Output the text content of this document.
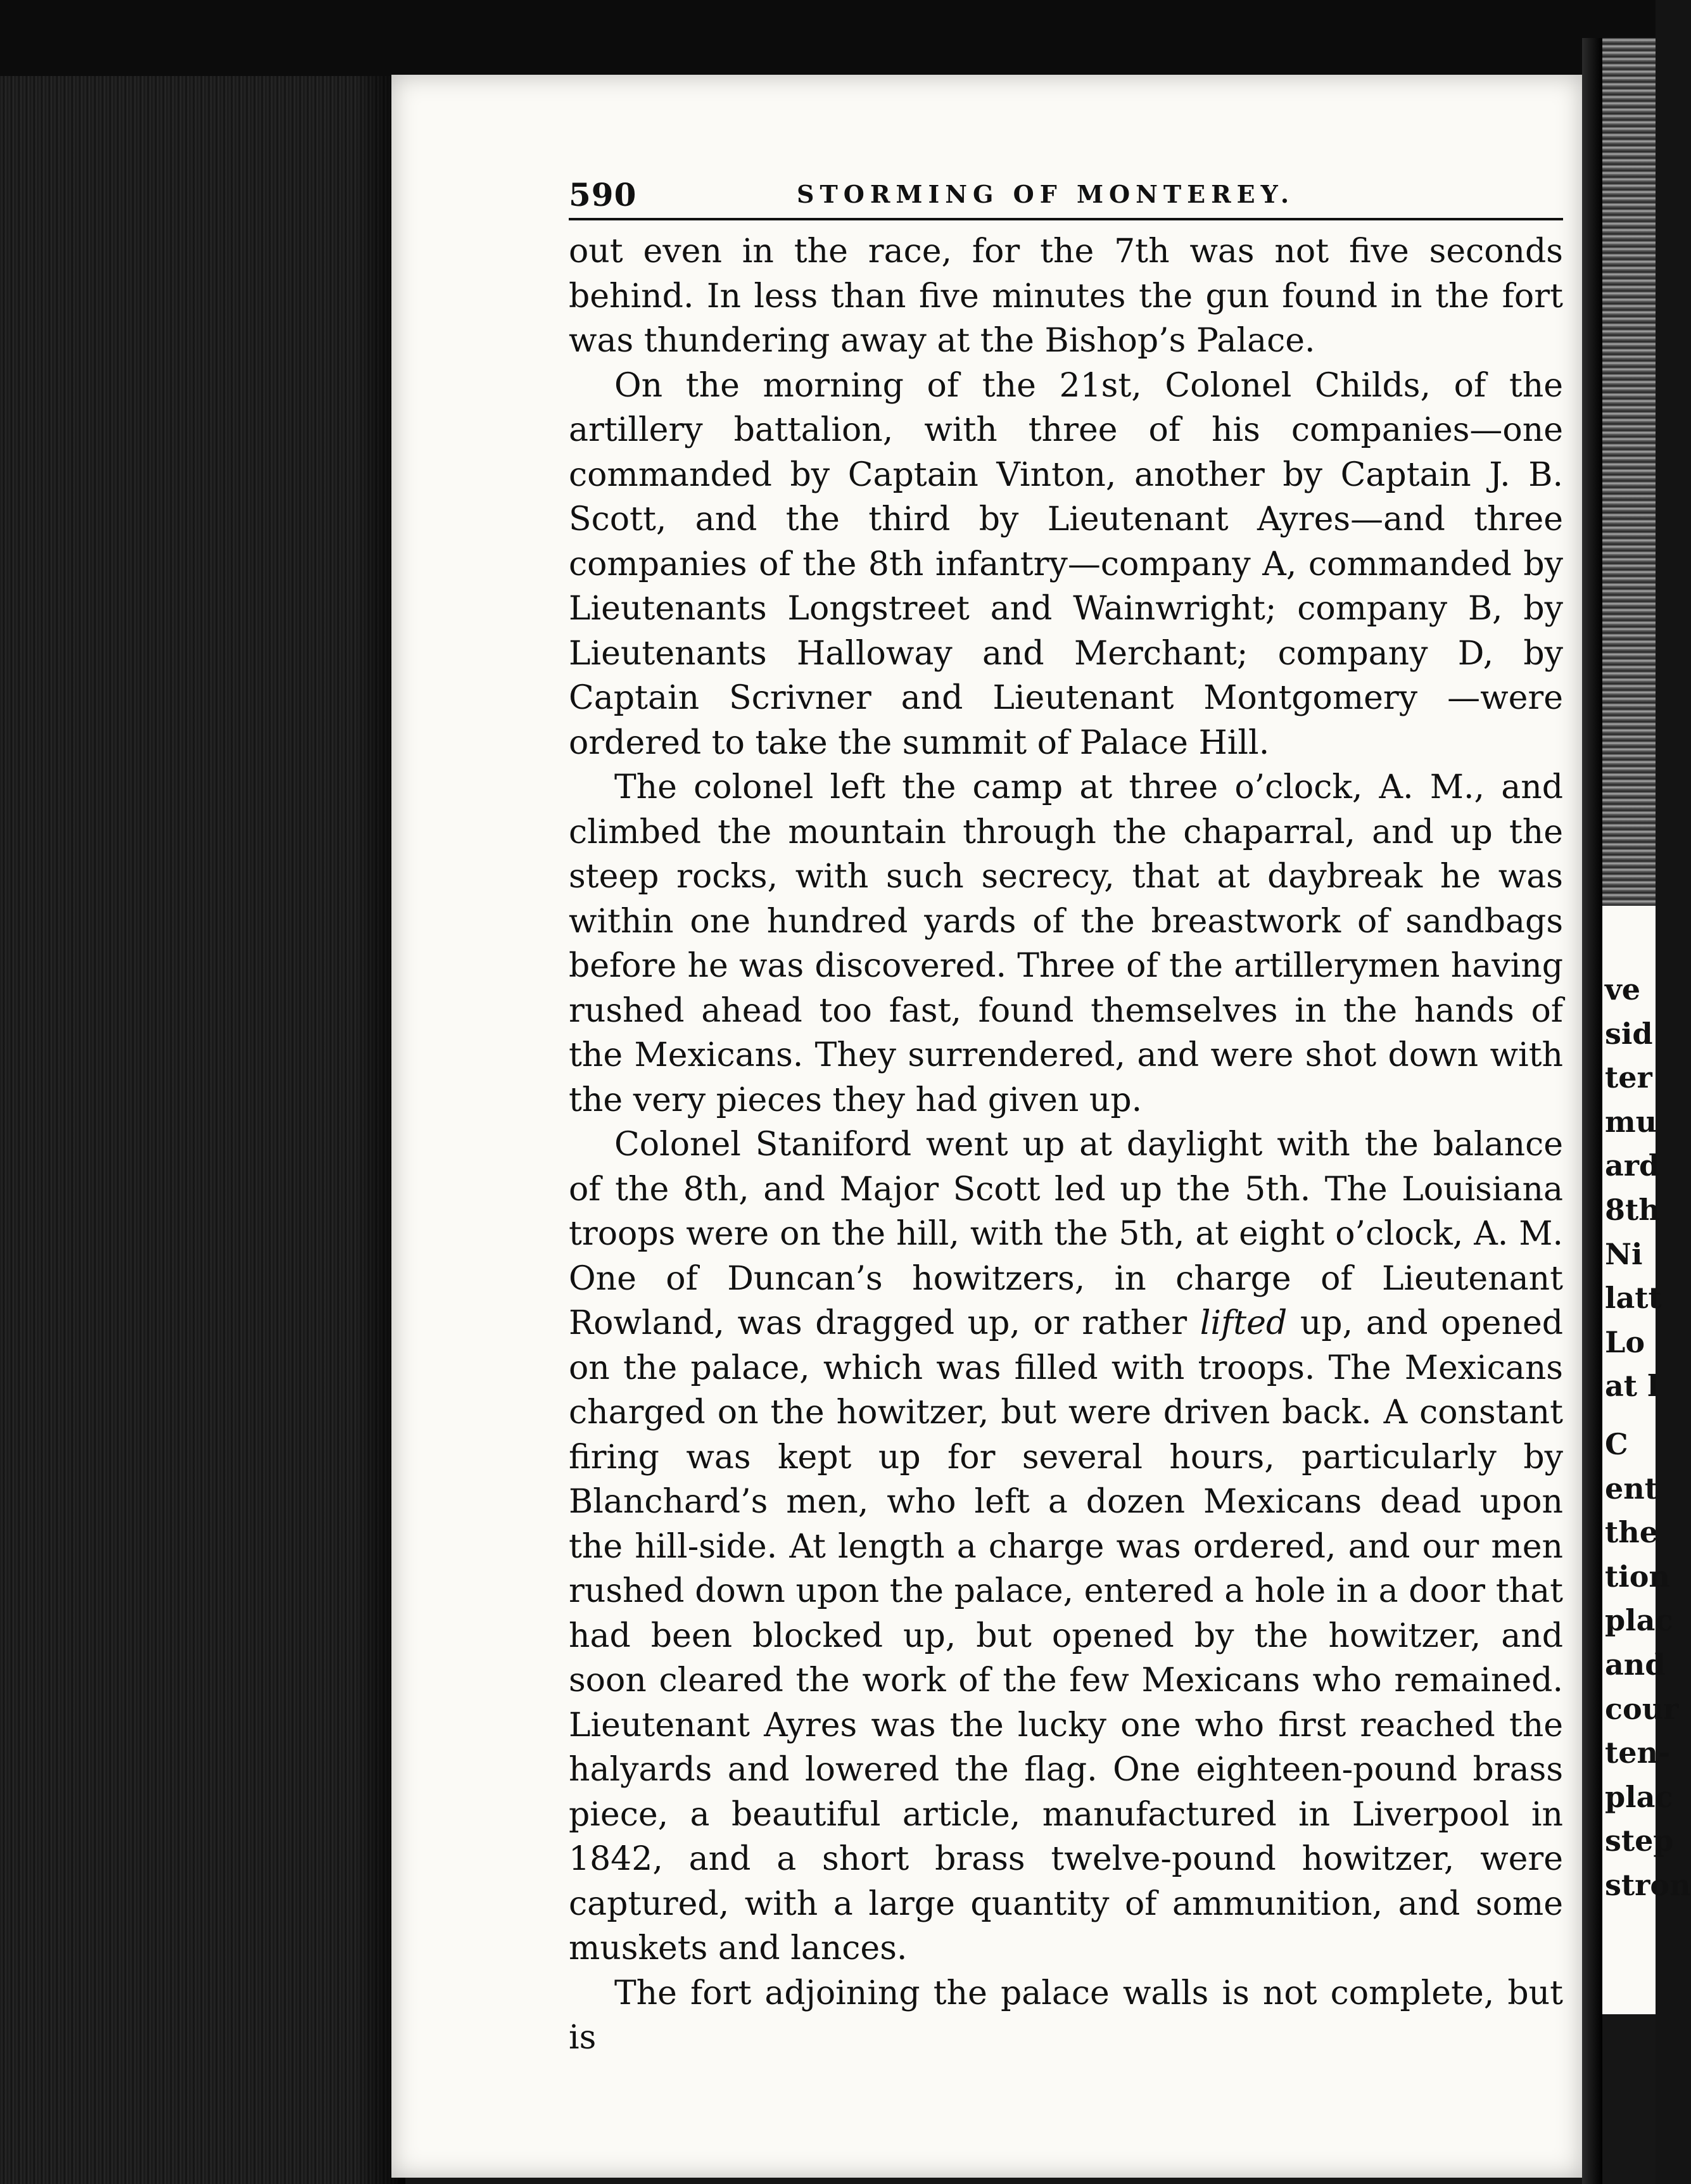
590	STORMING OF MONTEREY.

out even in the race, for the 7th was not five seconds behind. In less than five minutes the gun found in the fort was thundering away at the Bishop’s Palace.

On the morning of the 21st, Colonel Childs, of the artillery battalion, with three of his companies—one commanded by Captain Vinton, another by Captain J. B. Scott, and the third by Lieutenant Ayres—and three companies of the 8th infantry—company A, commanded by Lieutenants Longstreet and Wainwright; company B, by Lieutenants Halloway and Merchant; company D, by Captain Scrivner and Lieutenant Montgomery —were ordered to take the summit of Palace Hill.

The colonel left the camp at three o’clock, A. M., and climbed the mountain through the chaparral, and up the steep rocks, with such secrecy, that at daybreak he was within one hundred yards of the breastwork of sandbags before he was discovered. Three of the artillerymen having rushed ahead too fast, found themselves in the hands of the Mexicans. They surrendered, and were shot down with the very pieces they had given up.

Colonel Staniford went up at daylight with the balance of the 8th, and Major Scott led up the 5th. The Louisiana troops were on the hill, with the 5th, at eight o’clock, A. M. One of Duncan’s howitzers, in charge of Lieutenant Rowland, was dragged up, or rather lifted up, and opened on the palace, which was filled with troops. The Mexicans charged on the howitzer, but were driven back. A constant firing was kept up for several hours, particularly by Blanchard’s men, who left a dozen Mexicans dead upon the hill-side. At length a charge was ordered, and our men rushed down upon the palace, entered a hole in a door that had been blocked up, but opened by the howitzer, and soon cleared the work of the few Mexicans who remained. Lieutenant Ayres was the lucky one who first reached the halyards and lowered the flag. One eighteen-pound brass piece, a beautiful article, manufactured in Liverpool in 1842, and a short brass twelve-pound howitzer, were captured, with a large quantity of ammunition, and some muskets and lances.

The fort adjoining the palace walls is not complete, but is

ve
sid
ter
mu
ard
8th
Ni
latt
Lo
at l
C
ent
the
tion
plac
and
cour
ten-
plac
step
stron
